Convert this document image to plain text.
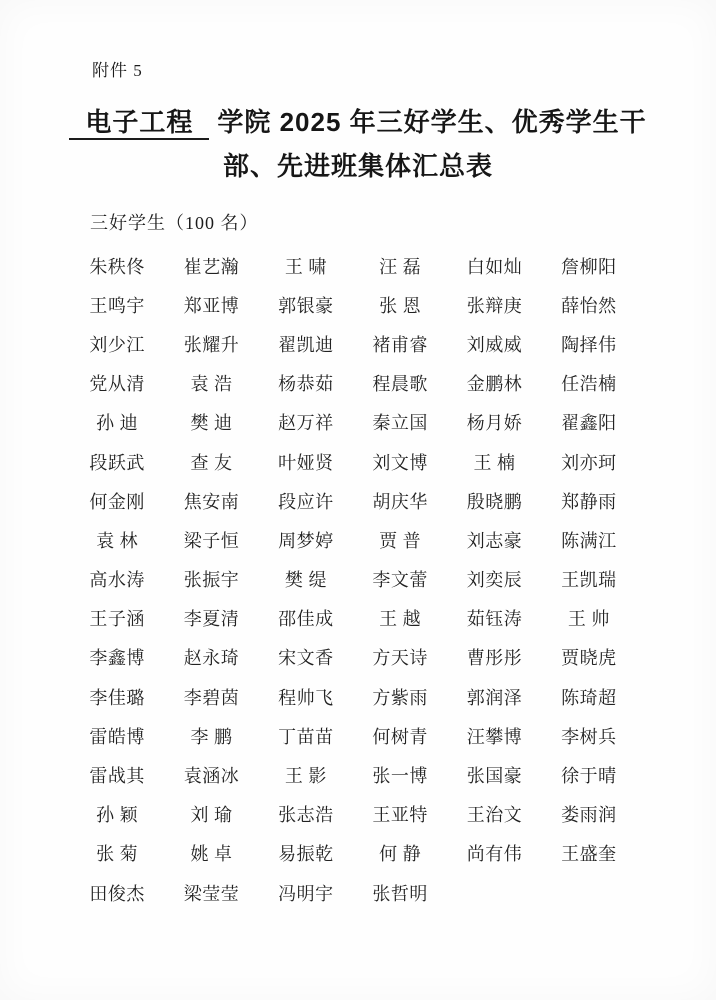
附件 5
电子工程 学院 2025 年三好学生、优秀学生干
部、先进班集体汇总表
三好学生（100 名）
朱秩佟	崔艺瀚	王 啸	汪 磊	白如灿	詹柳阳
王鸣宇	郑亚博	郭银豪	张 恩	张辩庚	薛怡然
刘少江	张耀升	翟凯迪	褚甫睿	刘威威	陶择伟
党从清	袁 浩	杨恭茹	程晨歌	金鹏林	任浩楠
孙 迪	樊 迪	赵万祥	秦立国	杨月娇	翟鑫阳
段跃武	查 友	叶娅贤	刘文博	王 楠	刘亦珂
何金刚	焦安南	段应许	胡庆华	殷晓鹏	郑静雨
袁 林	梁子恒	周梦婷	贾 普	刘志豪	陈满江
高水涛	张振宇	樊 缇	李文蕾	刘奕辰	王凯瑞
王子涵	李夏清	邵佳成	王 越	茹钰涛	王 帅
李鑫博	赵永琦	宋文香	方天诗	曹彤彤	贾晓虎
李佳璐	李碧茵	程帅飞	方紫雨	郭润泽	陈琦超
雷皓博	李 鹏	丁苗苗	何树青	汪攀博	李树兵
雷战其	袁涵冰	王 影	张一博	张国豪	徐于晴
孙 颖	刘 瑜	张志浩	王亚特	王治文	娄雨润
张 菊	姚 卓	易振乾	何 静	尚有伟	王盛奎
田俊杰	梁莹莹	冯明宇	张哲明
